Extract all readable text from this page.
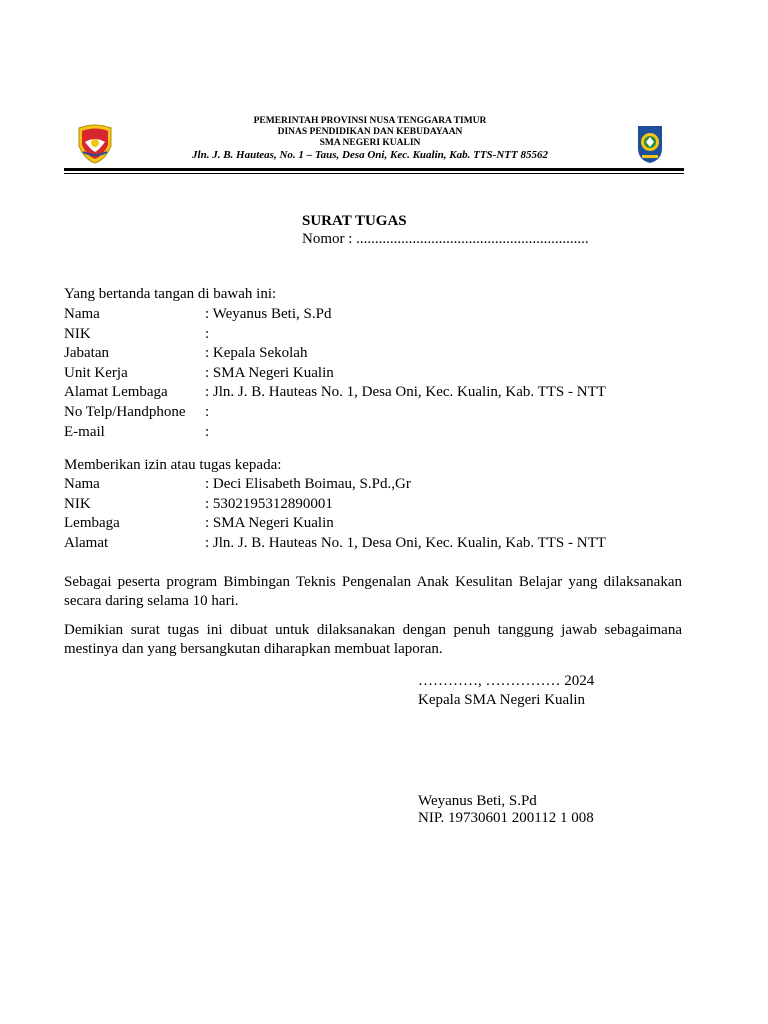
PEMERINTAH PROVINSI NUSA TENGGARA TIMUR
DINAS PENDIDIKAN DAN KEBUDAYAAN
SMA NEGERI KUALIN
Jln. J. B. Hauteas, No. 1 – Taus, Desa Oni, Kec. Kualin, Kab. TTS-NTT 85562
SURAT TUGAS
Nomor : ..............................................................
Yang bertanda tangan di bawah ini:
Nama	: Weyanus Beti, S.Pd
NIK	:
Jabatan	: Kepala Sekolah
Unit Kerja	: SMA Negeri Kualin
Alamat Lembaga : Jln. J. B. Hauteas No. 1, Desa Oni, Kec. Kualin, Kab. TTS - NTT
No Telp/Handphone :
E-mail	:
Memberikan izin atau tugas kepada:
Nama	: Deci Elisabeth Boimau, S.Pd.,Gr
NIK	: 5302195312890001
Lembaga	: SMA Negeri Kualin
Alamat	: Jln. J. B. Hauteas No. 1, Desa Oni, Kec. Kualin, Kab. TTS - NTT
Sebagai peserta program Bimbingan Teknis Pengenalan Anak Kesulitan Belajar yang dilaksanakan secara daring selama 10 hari.
Demikian surat tugas ini dibuat untuk dilaksanakan dengan penuh tanggung jawab sebagaimana mestinya dan yang bersangkutan diharapkan membuat laporan.
…………, …………… 2024
Kepala SMA Negeri Kualin
Weyanus Beti, S.Pd
NIP. 19730601 200112 1 008
